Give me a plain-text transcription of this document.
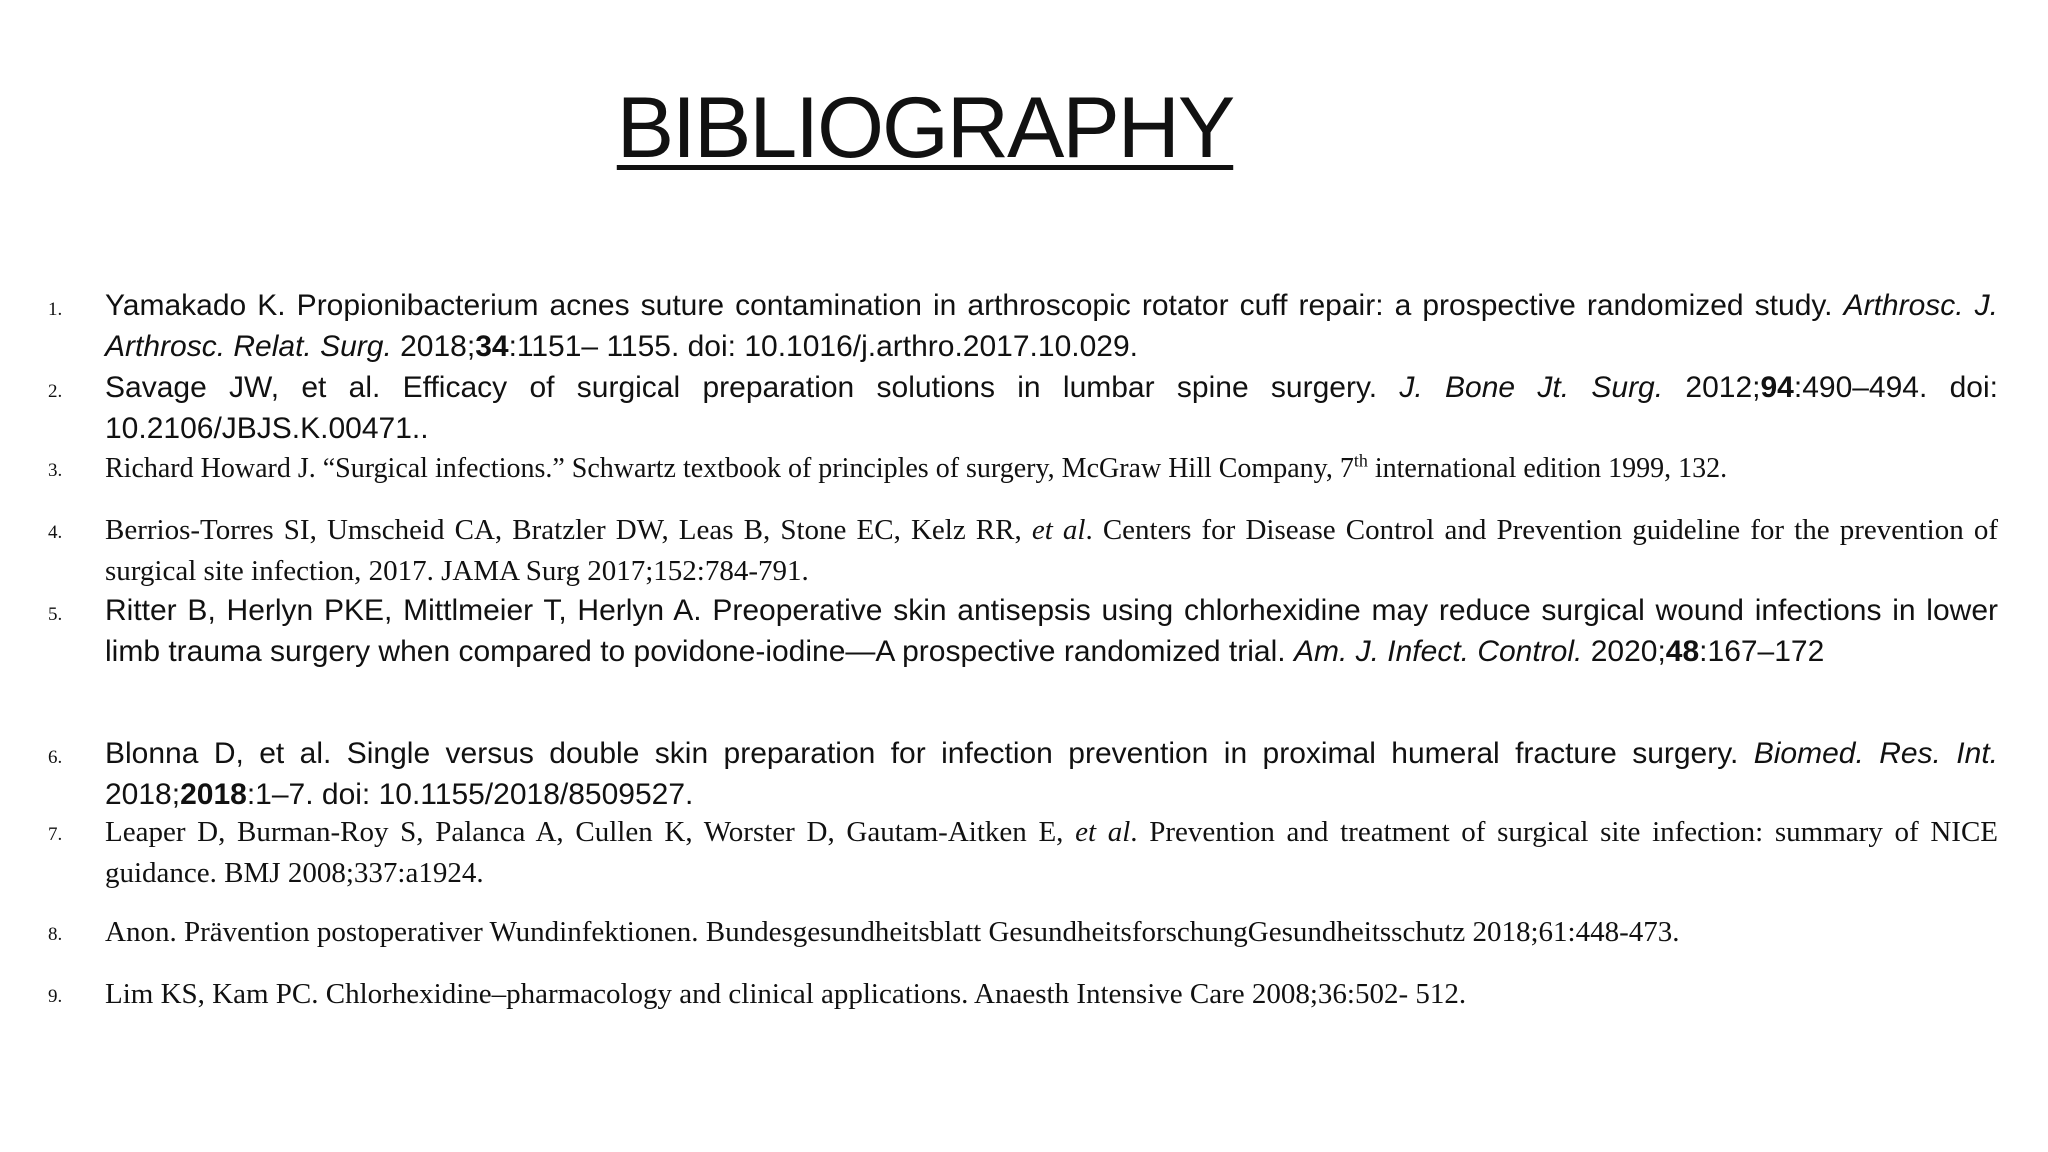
BIBLIOGRAPHY
1.	Yamakado K. Propionibacterium acnes suture contamination in arthroscopic rotator cuff repair: a prospective randomized study. Arthrosc. J. Arthrosc. Relat. Surg. 2018;34:1151– 1155. doi: 10.1016/j.arthro.2017.10.029.
2.	Savage JW, et al. Efficacy of surgical preparation solutions in lumbar spine surgery. J. Bone Jt. Surg. 2012;94:490–494. doi: 10.2106/JBJS.K.00471..
3.	Richard Howard J. “Surgical infections.” Schwartz textbook of principles of surgery, McGraw Hill Company, 7th international edition 1999, 132.
4.	Berrios-Torres SI, Umscheid CA, Bratzler DW, Leas B, Stone EC, Kelz RR, et al. Centers for Disease Control and Prevention guideline for the prevention of surgical site infection, 2017. JAMA Surg 2017;152:784-791.
5.	Ritter B, Herlyn PKE, Mittlmeier T, Herlyn A. Preoperative skin antisepsis using chlorhexidine may reduce surgical wound infections in lower limb trauma surgery when compared to povidone-iodine—A prospective randomized trial. Am. J. Infect. Control. 2020;48:167–172
6.	Blonna D, et al. Single versus double skin preparation for infection prevention in proximal humeral fracture surgery. Biomed. Res. Int. 2018;2018:1–7. doi: 10.1155/2018/8509527.
7.	Leaper D, Burman-Roy S, Palanca A, Cullen K, Worster D, Gautam-Aitken E, et al. Prevention and treatment of surgical site infection: summary of NICE guidance. BMJ 2008;337:a1924.
8.	Anon. Prävention postoperativer Wundinfektionen. Bundesgesundheitsblatt GesundheitsforschungGesundheitsschutz 2018;61:448-473.
9.	Lim KS, Kam PC. Chlorhexidine–pharmacology and clinical applications. Anaesth Intensive Care 2008;36:502- 512.
